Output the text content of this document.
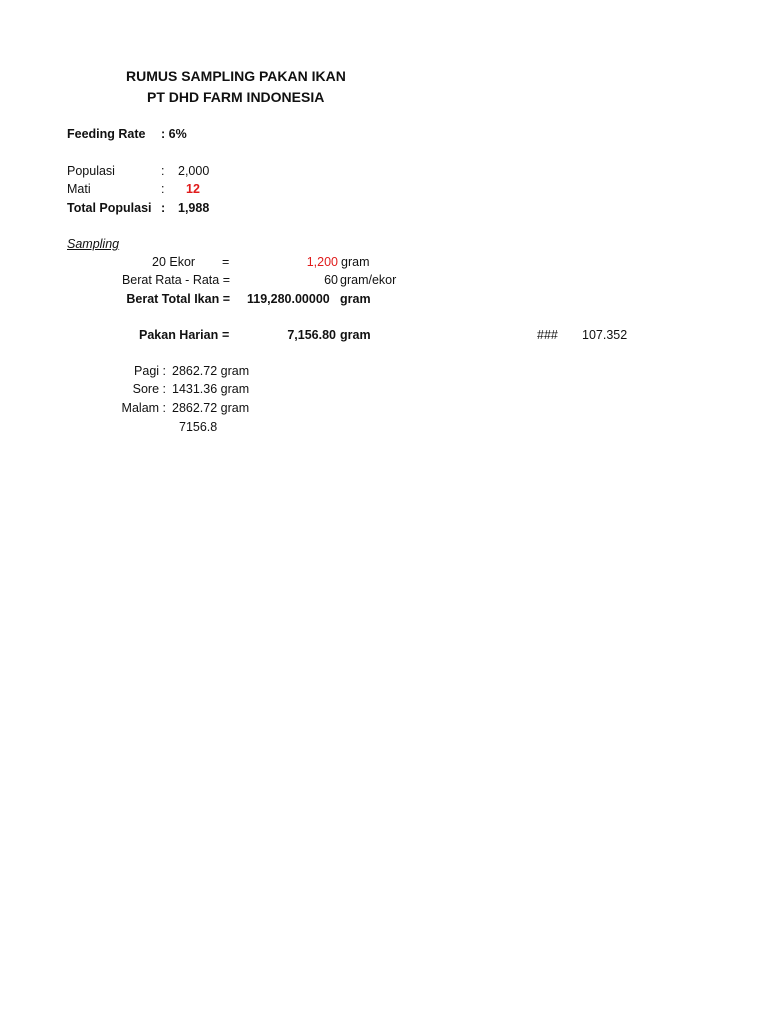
RUMUS SAMPLING PAKAN IKAN
PT DHD FARM INDONESIA
Feeding Rate : 6%
Populasi	: 2,000
Mati	: 12
Total Populasi : 1,988
Sampling
20 Ekor =	1,200 gram
Berat Rata - Rata =	60 gram/ekor
Berat Total Ikan = 119,280.00000 gram
Pakan Harian =	7,156.80 gram	### 107.352
Pagi : 2862.72 gram
Sore : 1431.36 gram
Malam : 2862.72 gram
7156.8
